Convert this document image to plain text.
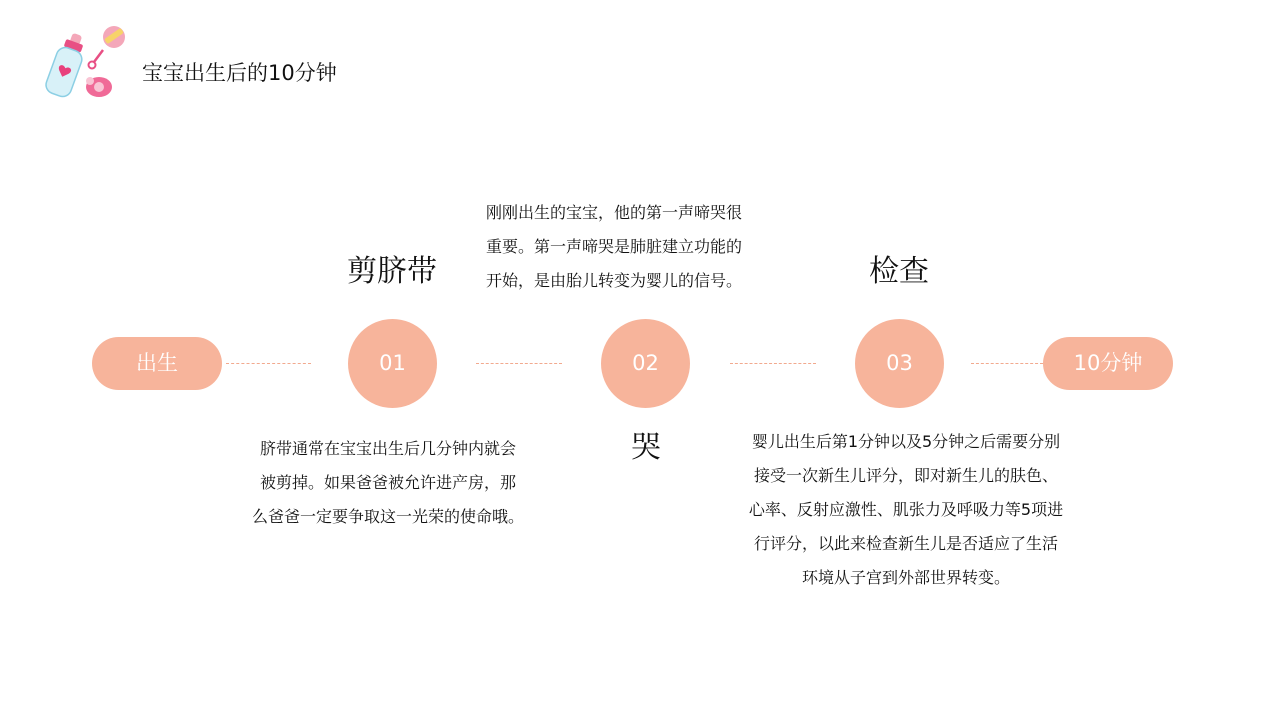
宝宝出生后的10分钟
出生	01	02	03	10分钟
剪脐带
哭
检查
脐带通常在宝宝出生后几分钟内就会
被剪掉。如果爸爸被允许进产房，那
么爸爸一定要争取这一光荣的使命哦。
刚刚出生的宝宝，他的第一声啼哭很
重要。第一声啼哭是肺脏建立功能的
开始，是由胎儿转变为婴儿的信号。
婴儿出生后第1分钟以及5分钟之后需要分别
接受一次新生儿评分，即对新生儿的肤色、
心率、反射应激性、肌张力及呼吸力等5项进
行评分，以此来检查新生儿是否适应了生活
环境从子宫到外部世界转变。
